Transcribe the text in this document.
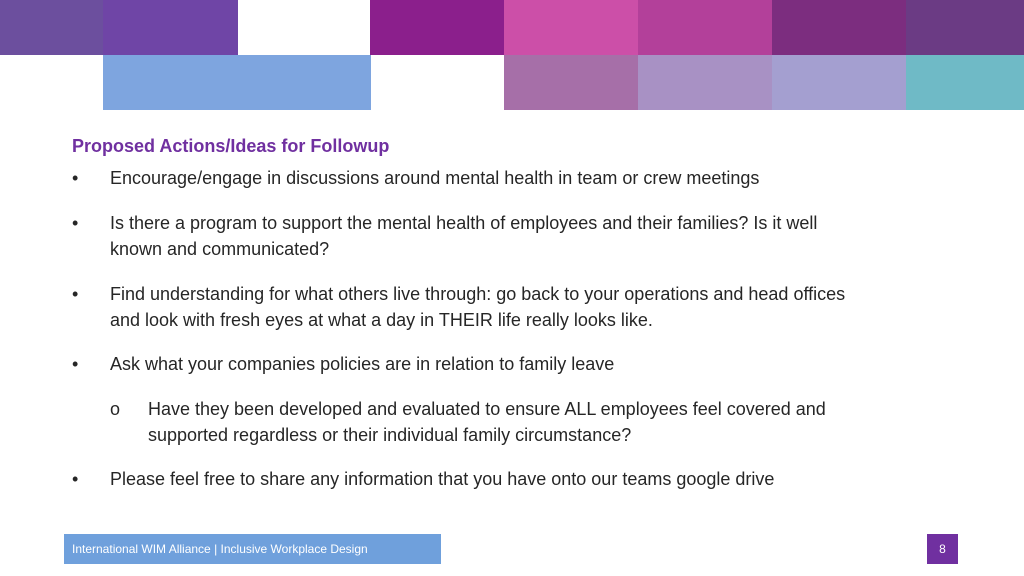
Proposed Actions/Ideas for Followup
• Encourage/engage in discussions around mental health in team or crew meetings
• Is there a program to support the mental health of employees and their families? Is it well
known and communicated?
• Find understanding for what others live through: go back to your operations and head offices
and look with fresh eyes at what a day in THEIR life really looks like.
• Ask what your companies policies are in relation to family leave
o Have they been developed and evaluated to ensure ALL employees feel covered and
supported regardless or their individual family circumstance?
• Please feel free to share any information that you have onto our teams google drive
International WIM Alliance | Inclusive Workplace Design	8
